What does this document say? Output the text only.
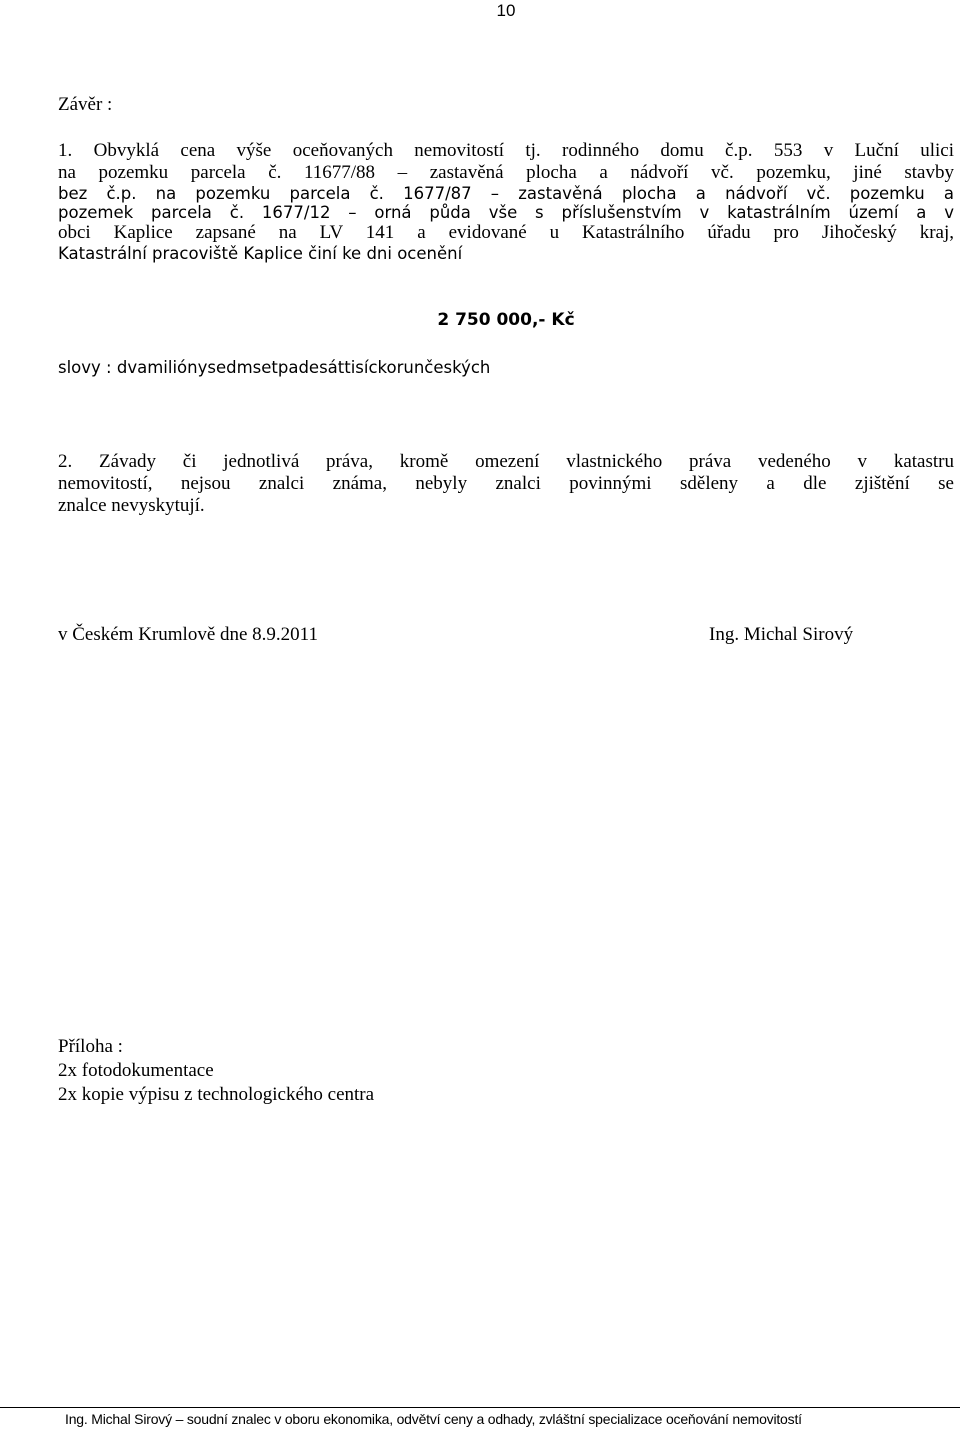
10
Závěr :
1. Obvyklá cena výše oceňovaných nemovitostí tj. rodinného domu č.p. 553 v Luční ulici
na pozemku parcela č. 11677/88 – zastavěná plocha a nádvoří vč. pozemku, jiné stavby
bez č.p. na pozemku parcela č. 1677/87 – zastavěná plocha a nádvoří vč. pozemku a
pozemek parcela č. 1677/12 – orná půda vše s příslušenstvím v katastrálním území a v
obci Kaplice zapsané na LV 141 a evidované u Katastrálního úřadu pro Jihočeský kraj,
Katastrální pracoviště Kaplice činí ke dni ocenění
2 750 000,- Kč
slovy : dvamiliónysedmsetpadesáttisíckorunčeských
2. Závady či jednotlivá práva, kromě omezení vlastnického práva vedeného v katastru
nemovitostí, nejsou znalci známa, nebyly znalci povinnými sděleny a dle zjištění se
znalce nevyskytují.
v Českém Krumlově dne 8.9.2011	Ing. Michal Sirový
Příloha :
2x fotodokumentace
2x kopie výpisu z technologického centra
Ing. Michal Sirový – soudní znalec v oboru ekonomika, odvětví ceny a odhady, zvláštní specializace oceňování nemovitostí
